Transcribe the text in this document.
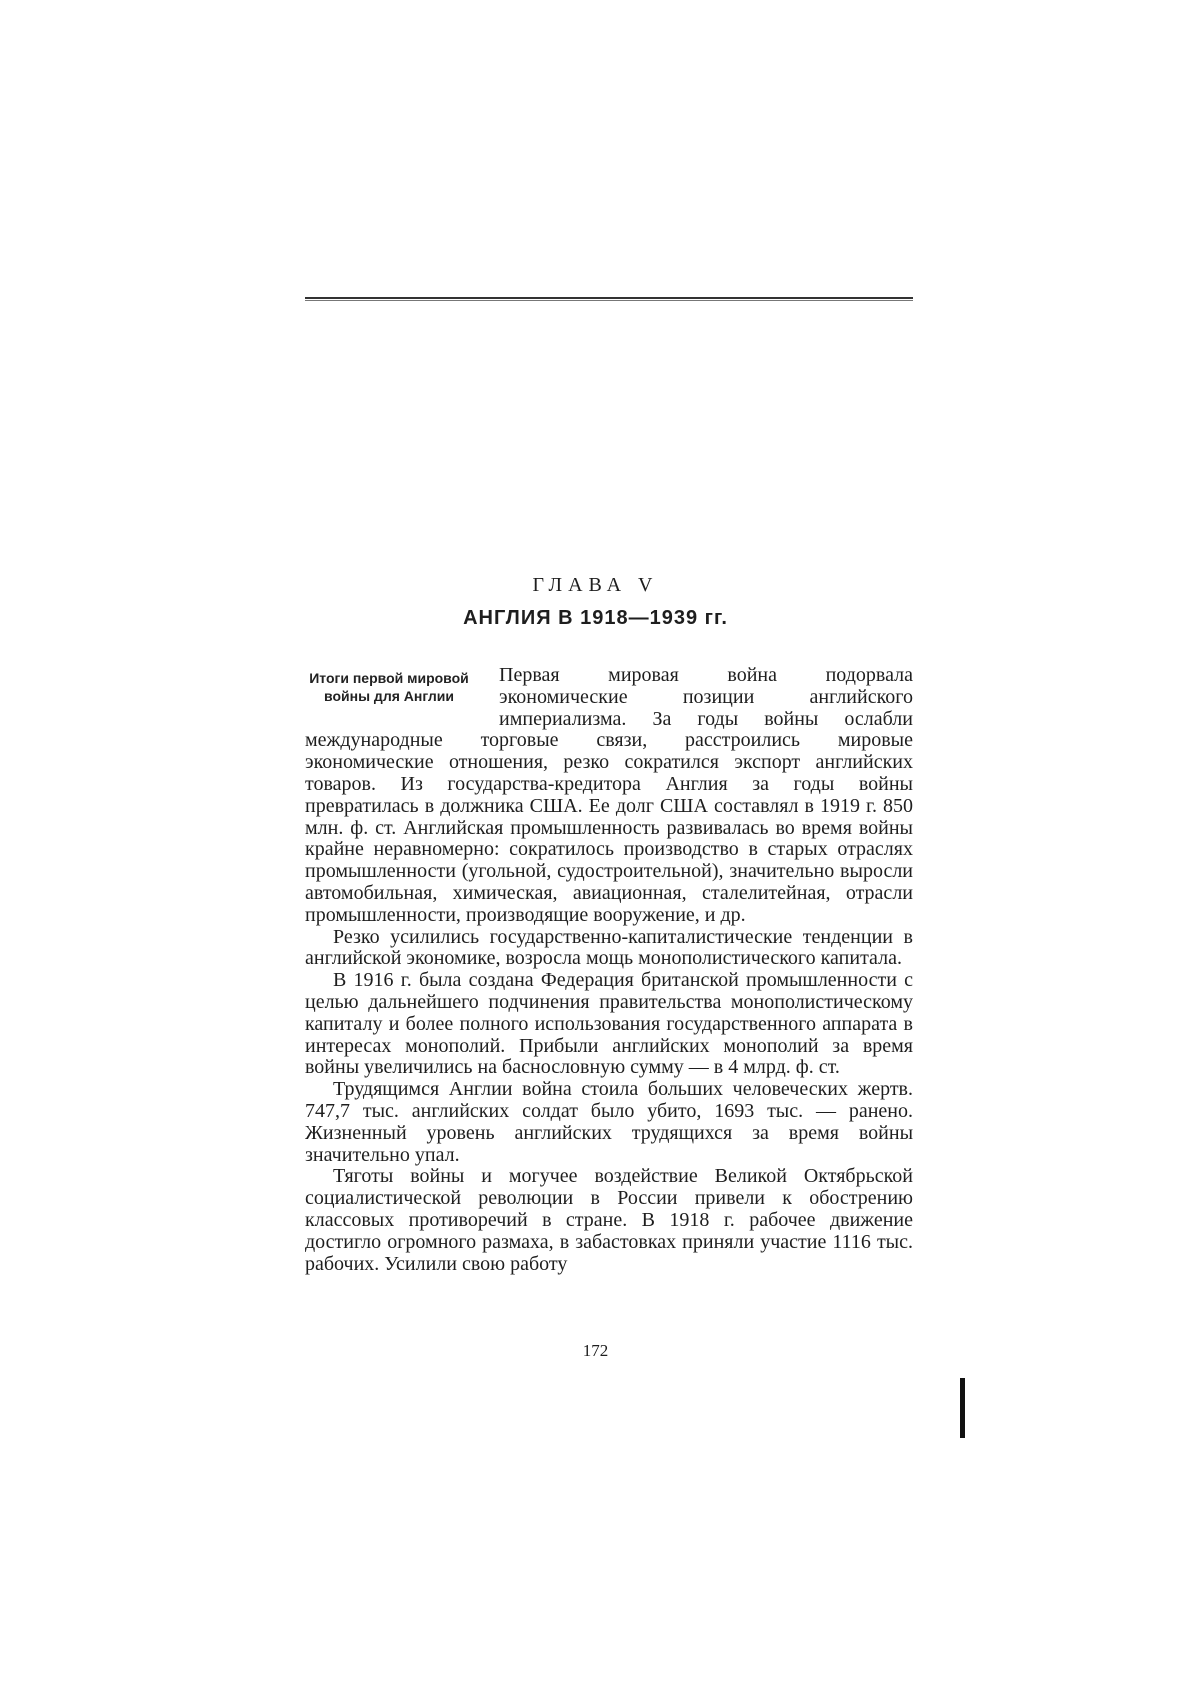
ГЛАВА V
АНГЛИЯ В 1918—1939 гг.
Итоги первой мировой войны для Англии

Первая мировая война подорвала экономические позиции английского империализма. За годы войны ослабли международные торговые связи, расстроились мировые экономические отношения, резко сократился экспорт английских товаров. Из государства-кредитора Англия за годы войны превратилась в должника США. Ее долг США составлял в 1919 г. 850 млн. ф. ст. Английская промышленность развивалась во время войны крайне неравномерно: сократилось производство в старых отраслях промышленности (угольной, судостроительной), значительно выросли автомобильная, химическая, авиационная, сталелитейная, отрасли промышленности, производящие вооружение, и др.

Резко усилились государственно-капиталистические тенденции в английской экономике, возросла мощь монополистического капитала.

В 1916 г. была создана Федерация британской промышленности с целью дальнейшего подчинения правительства монополистическому капиталу и более полного использования государственного аппарата в интересах монополий. Прибыли английских монополий за время войны увеличились на баснословную сумму — в 4 млрд. ф. ст.

Трудящимся Англии война стоила больших человеческих жертв. 747,7 тыс. английских солдат было убито, 1693 тыс. — ранено. Жизненный уровень английских трудящихся за время войны значительно упал.

Тяготы войны и могучее воздействие Великой Октябрьской социалистической революции в России привели к обострению классовых противоречий в стране. В 1918 г. рабочее движение достигло огромного размаха, в забастовках приняли участие 1116 тыс. рабочих. Усилили свою работу

172
